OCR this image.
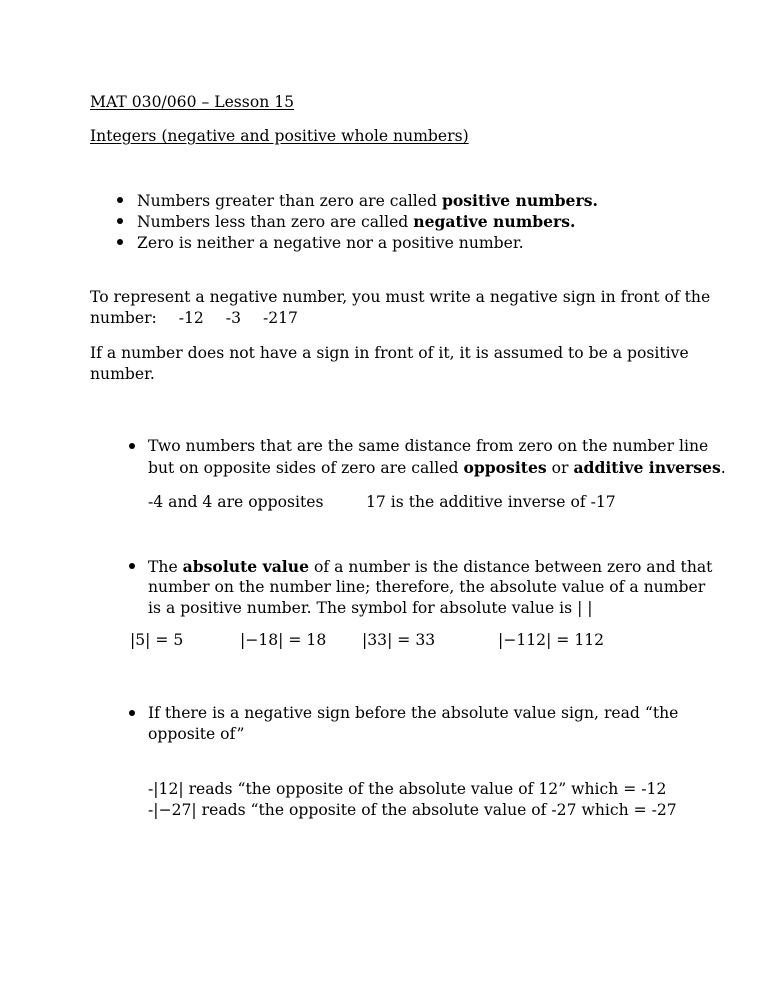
MAT 030/060 – Lesson 15
Integers (negative and positive whole numbers)
Numbers greater than zero are called positive numbers.
Numbers less than zero are called negative numbers.
Zero is neither a negative nor a positive number.
To represent a negative number, you must write a negative sign in front of the
number: -12 -3 -217
If a number does not have a sign in front of it, it is assumed to be a positive
number.
Two numbers that are the same distance from zero on the number line
but on opposite sides of zero are called opposites or additive inverses.
-4 and 4 are opposites	17 is the additive inverse of -17
The absolute value of a number is the distance between zero and that
number on the number line; therefore, the absolute value of a number
is a positive number. The symbol for absolute value is | |
|5| = 5	|−18| = 18 |33| = 33	|−112| = 112
If there is a negative sign before the absolute value sign, read “the
opposite of”
-|12| reads “the opposite of the absolute value of 12” which = -12
-|−27| reads “the opposite of the absolute value of -27 which = -27
